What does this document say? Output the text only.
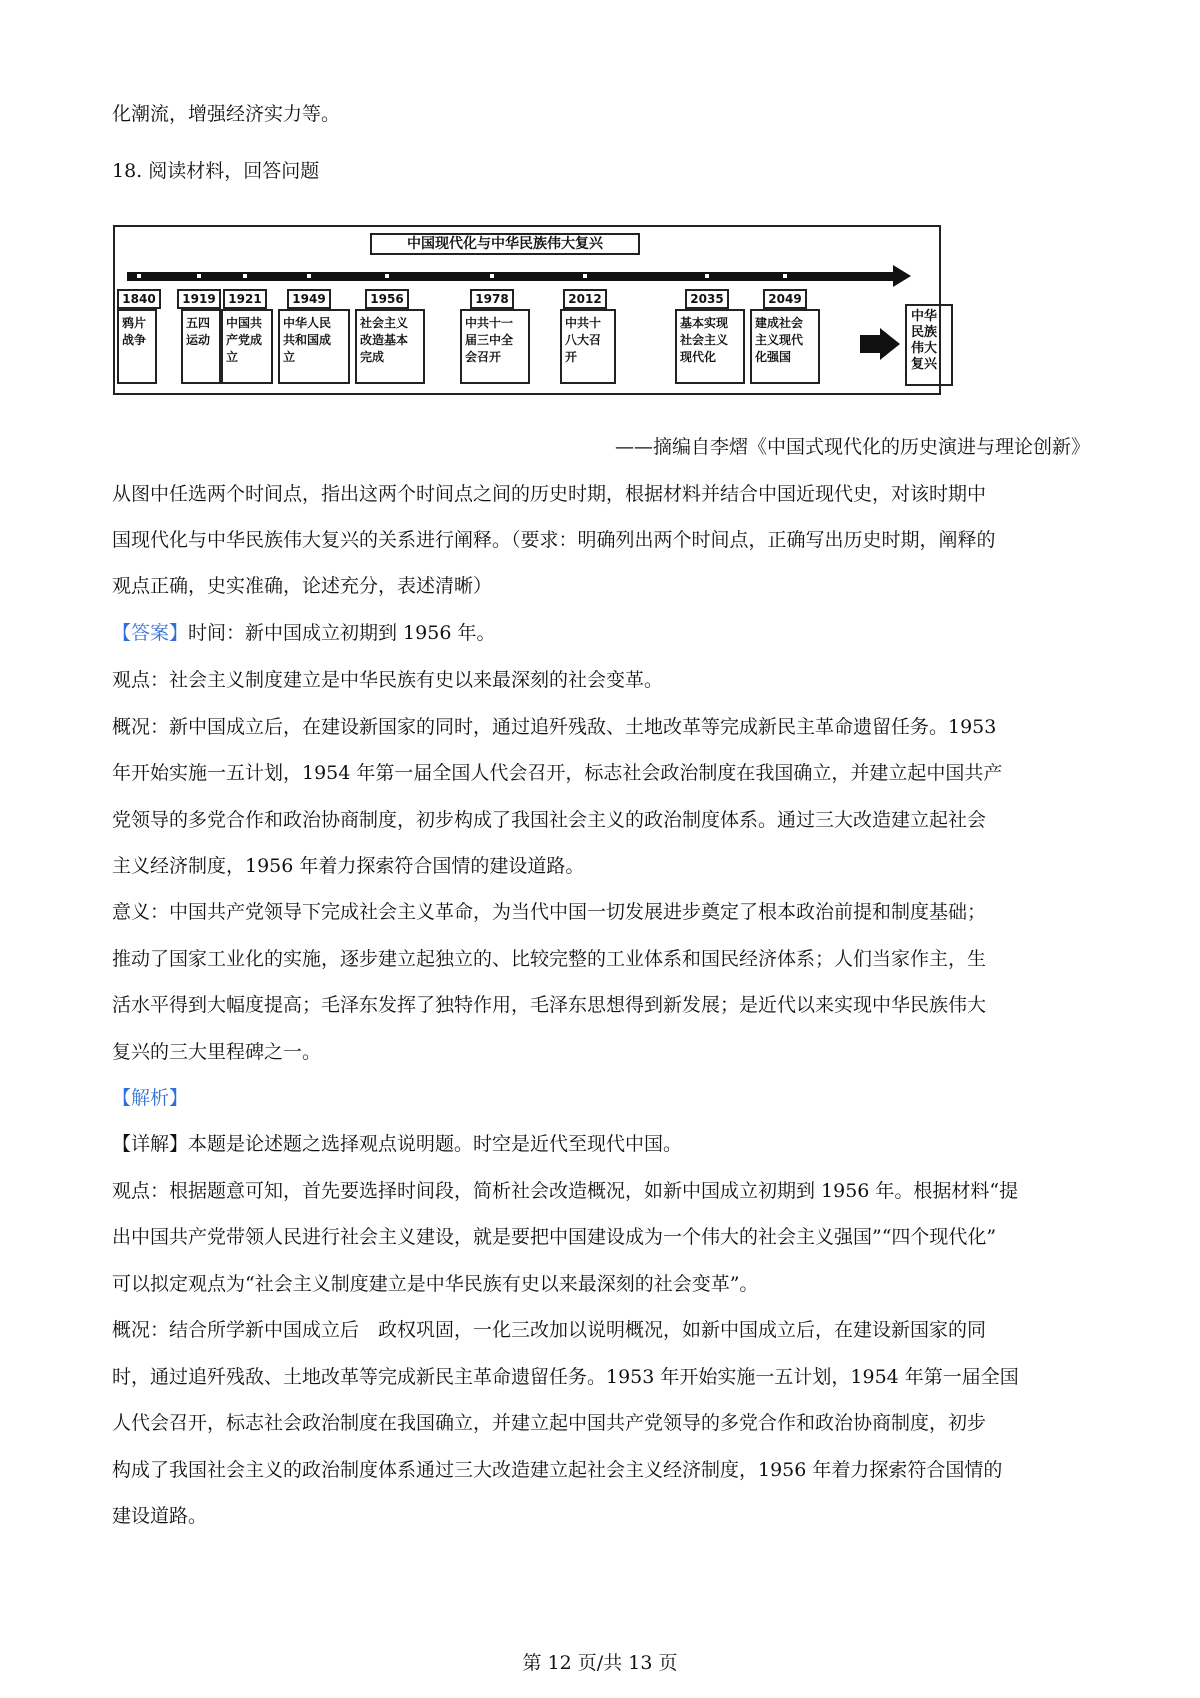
化潮流，增强经济实力等。
18. 阅读材料，回答问题
中国现代化与中华民族伟大复兴
1840	1919	1921	1949	1956	1978	2012	2035	2049
鸦片
战争
五四
运动
中国共
产党成
立
中华人民
共和国成
立
社会主义
改造基本
完成
中共十一
届三中全
会召开
中共十
八大召
开
基本实现
社会主义
现代化
建成社会
主义现代
化强国
中华
民族
伟大
复兴
——摘编自李熠《中国式现代化的历史演进与理论创新》
从图中任选两个时间点，指出这两个时间点之间的历史时期，根据材料并结合中国近现代史，对该时期中
国现代化与中华民族伟大复兴的关系进行阐释。（要求：明确列出两个时间点，正确写出历史时期，阐释的
观点正确，史实准确，论述充分，表述清晰）
【答案】时间：新中国成立初期到 1956 年。
观点：社会主义制度建立是中华民族有史以来最深刻的社会变革。
概况：新中国成立后，在建设新国家的同时，通过追歼残敌、土地改革等完成新民主革命遗留任务。1953
年开始实施一五计划，1954 年第一届全国人代会召开，标志社会政治制度在我国确立，并建立起中国共产
党领导的多党合作和政治协商制度，初步构成了我国社会主义的政治制度体系。通过三大改造建立起社会
主义经济制度，1956 年着力探索符合国情的建设道路。
意义：中国共产党领导下完成社会主义革命，为当代中国一切发展进步奠定了根本政治前提和制度基础；
推动了国家工业化的实施，逐步建立起独立的、比较完整的工业体系和国民经济体系；人们当家作主，生
活水平得到大幅度提高；毛泽东发挥了独特作用，毛泽东思想得到新发展；是近代以来实现中华民族伟大
复兴的三大里程碑之一。
【解析】
【详解】本题是论述题之选择观点说明题。时空是近代至现代中国。
观点：根据题意可知，首先要选择时间段，简析社会改造概况，如新中国成立初期到 1956 年。根据材料“提
出中国共产党带领人民进行社会主义建设，就是要把中国建设成为一个伟大的社会主义强国”“四个现代化”
可以拟定观点为“社会主义制度建立是中华民族有史以来最深刻的社会变革”。
概况：结合所学新中国成立后　政权巩固，一化三改加以说明概况，如新中国成立后，在建设新国家的同
时，通过追歼残敌、土地改革等完成新民主革命遗留任务。1953 年开始实施一五计划，1954 年第一届全国
人代会召开，标志社会政治制度在我国确立，并建立起中国共产党领导的多党合作和政治协商制度，初步
构成了我国社会主义的政治制度体系通过三大改造建立起社会主义经济制度，1956 年着力探索符合国情的
建设道路。
第 12 页/共 13 页
